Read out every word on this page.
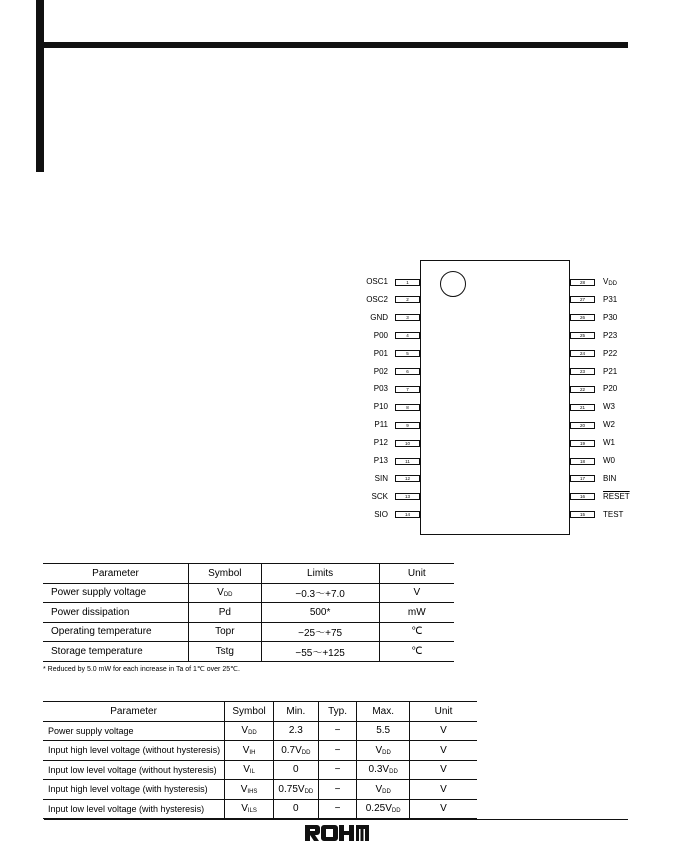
OSC1	1
OSC2	2
GND	3
P00	4
P01	5
P02	6
P03	7
P10	8
P11	9
P12	10
P13	11
SIN	12
SCK	13
SIO	14
28	$V_{DD}$
27	P31
26	P30
25	P23
24	P22
23	P21
22	P20
21	W3
20	W2
19	W1
18	W0
17	BIN
16	RESET
15	TEST
Parameter	Symbol	Limits	Unit
Power supply voltage	$V_{DD}$	−0.3〜+7.0	V
Power dissipation	Pd	500*	mW
Operating temperature	Topr	−25〜+75	℃
Storage temperature	Tstg	−55〜+125	℃
* Reduced by 5.0 mW for each increase in Ta of 1℃ over 25℃.
Parameter	Symbol	Min.	Typ.	Max.	Unit
Power supply voltage	$V_{DD}$	2.3	−	5.5	V
Input high level voltage (without hysteresis)	$V_{IH}$	$0.7V_{DD}$	−	$V_{DD}$	V
Input low level voltage (without hysteresis)	$V_{IL}$	0	−	$0.3V_{DD}$	V
Input high level voltage (with hysteresis)	$V_{IHS}$	$0.75V_{DD}$	−	$V_{DD}$	V
Input low level voltage (with hysteresis)	$V_{ILS}$	0	−	$0.25V_{DD}$	V
